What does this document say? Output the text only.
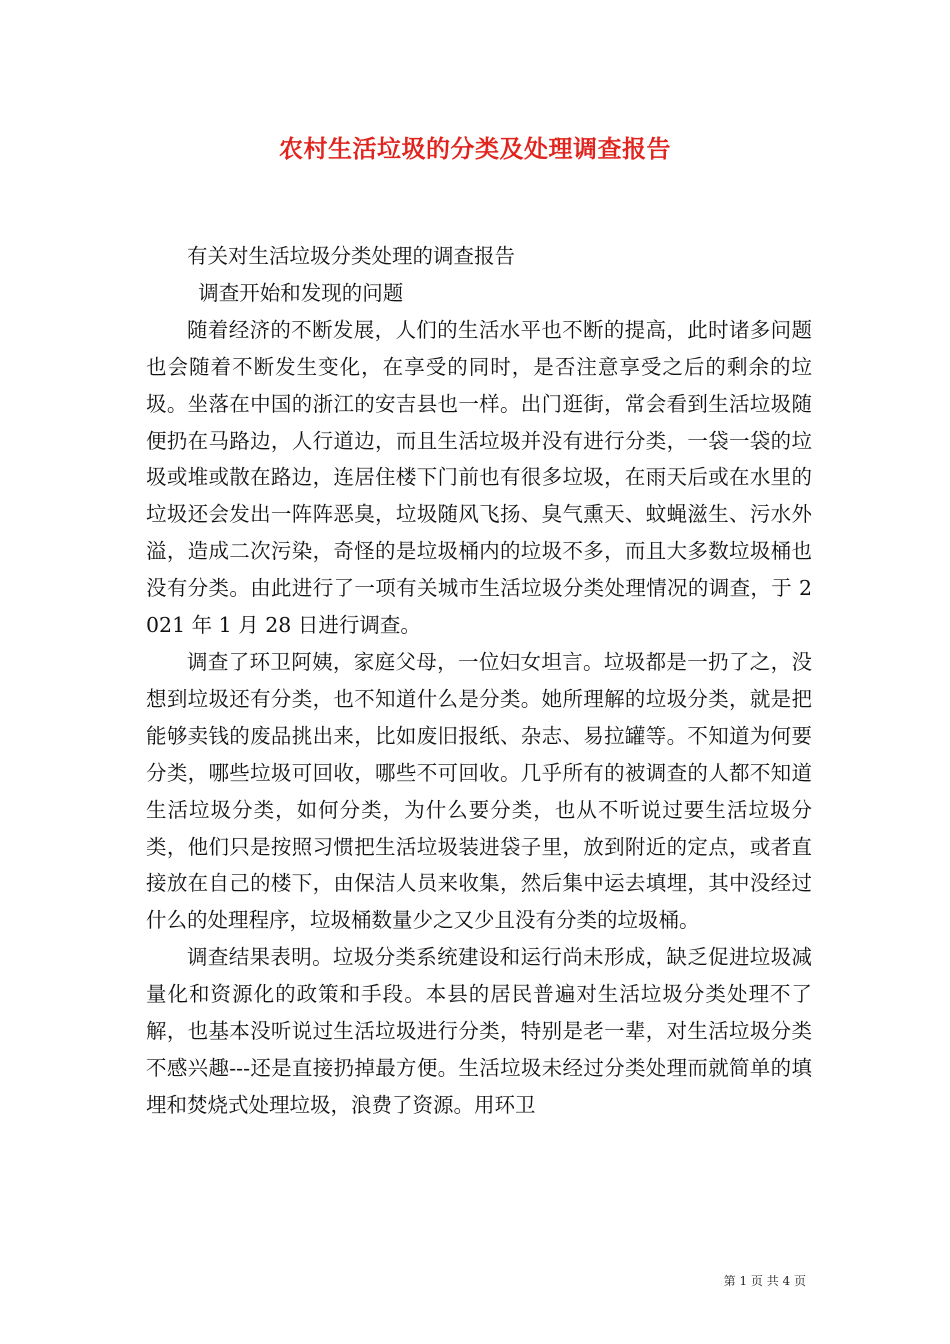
农村生活垃圾的分类及处理调查报告

有关对生活垃圾分类处理的调查报告

调查开始和发现的问题

随着经济的不断发展，人们的生活水平也不断的提高，此时诸多问题也会随着不断发生变化，在享受的同时，是否注意享受之后的剩余的垃圾。坐落在中国的浙江的安吉县也一样。出门逛街，常会看到生活垃圾随便扔在马路边，人行道边，而且生活垃圾并没有进行分类，一袋一袋的垃圾或堆或散在路边，连居住楼下门前也有很多垃圾，在雨天后或在水里的垃圾还会发出一阵阵恶臭，垃圾随风飞扬、臭气熏天、蚊蝇滋生、污水外溢，造成二次污染，奇怪的是垃圾桶内的垃圾不多，而且大多数垃圾桶也没有分类。由此进行了一项有关城市生活垃圾分类处理情况的调查，于 2021 年 1 月 28 日进行调查。

调查了环卫阿姨，家庭父母，一位妇女坦言。垃圾都是一扔了之，没想到垃圾还有分类，也不知道什么是分类。她所理解的垃圾分类，就是把能够卖钱的废品挑出来，比如废旧报纸、杂志、易拉罐等。不知道为何要分类，哪些垃圾可回收，哪些不可回收。几乎所有的被调查的人都不知道生活垃圾分类，如何分类，为什么要分类，也从不听说过要生活垃圾分类，他们只是按照习惯把生活垃圾装进袋子里，放到附近的定点，或者直接放在自己的楼下，由保洁人员来收集，然后集中运去填埋，其中没经过什么的处理程序，垃圾桶数量少之又少且没有分类的垃圾桶。

调查结果表明。垃圾分类系统建设和运行尚未形成，缺乏促进垃圾减量化和资源化的政策和手段。本县的居民普遍对生活垃圾分类处理不了解，也基本没听说过生活垃圾进行分类，特别是老一辈，对生活垃圾分类不感兴趣---还是直接扔掉最方便。生活垃圾未经过分类处理而就简单的填埋和焚烧式处理垃圾，浪费了资源。用环卫

第 1 页 共 4 页
